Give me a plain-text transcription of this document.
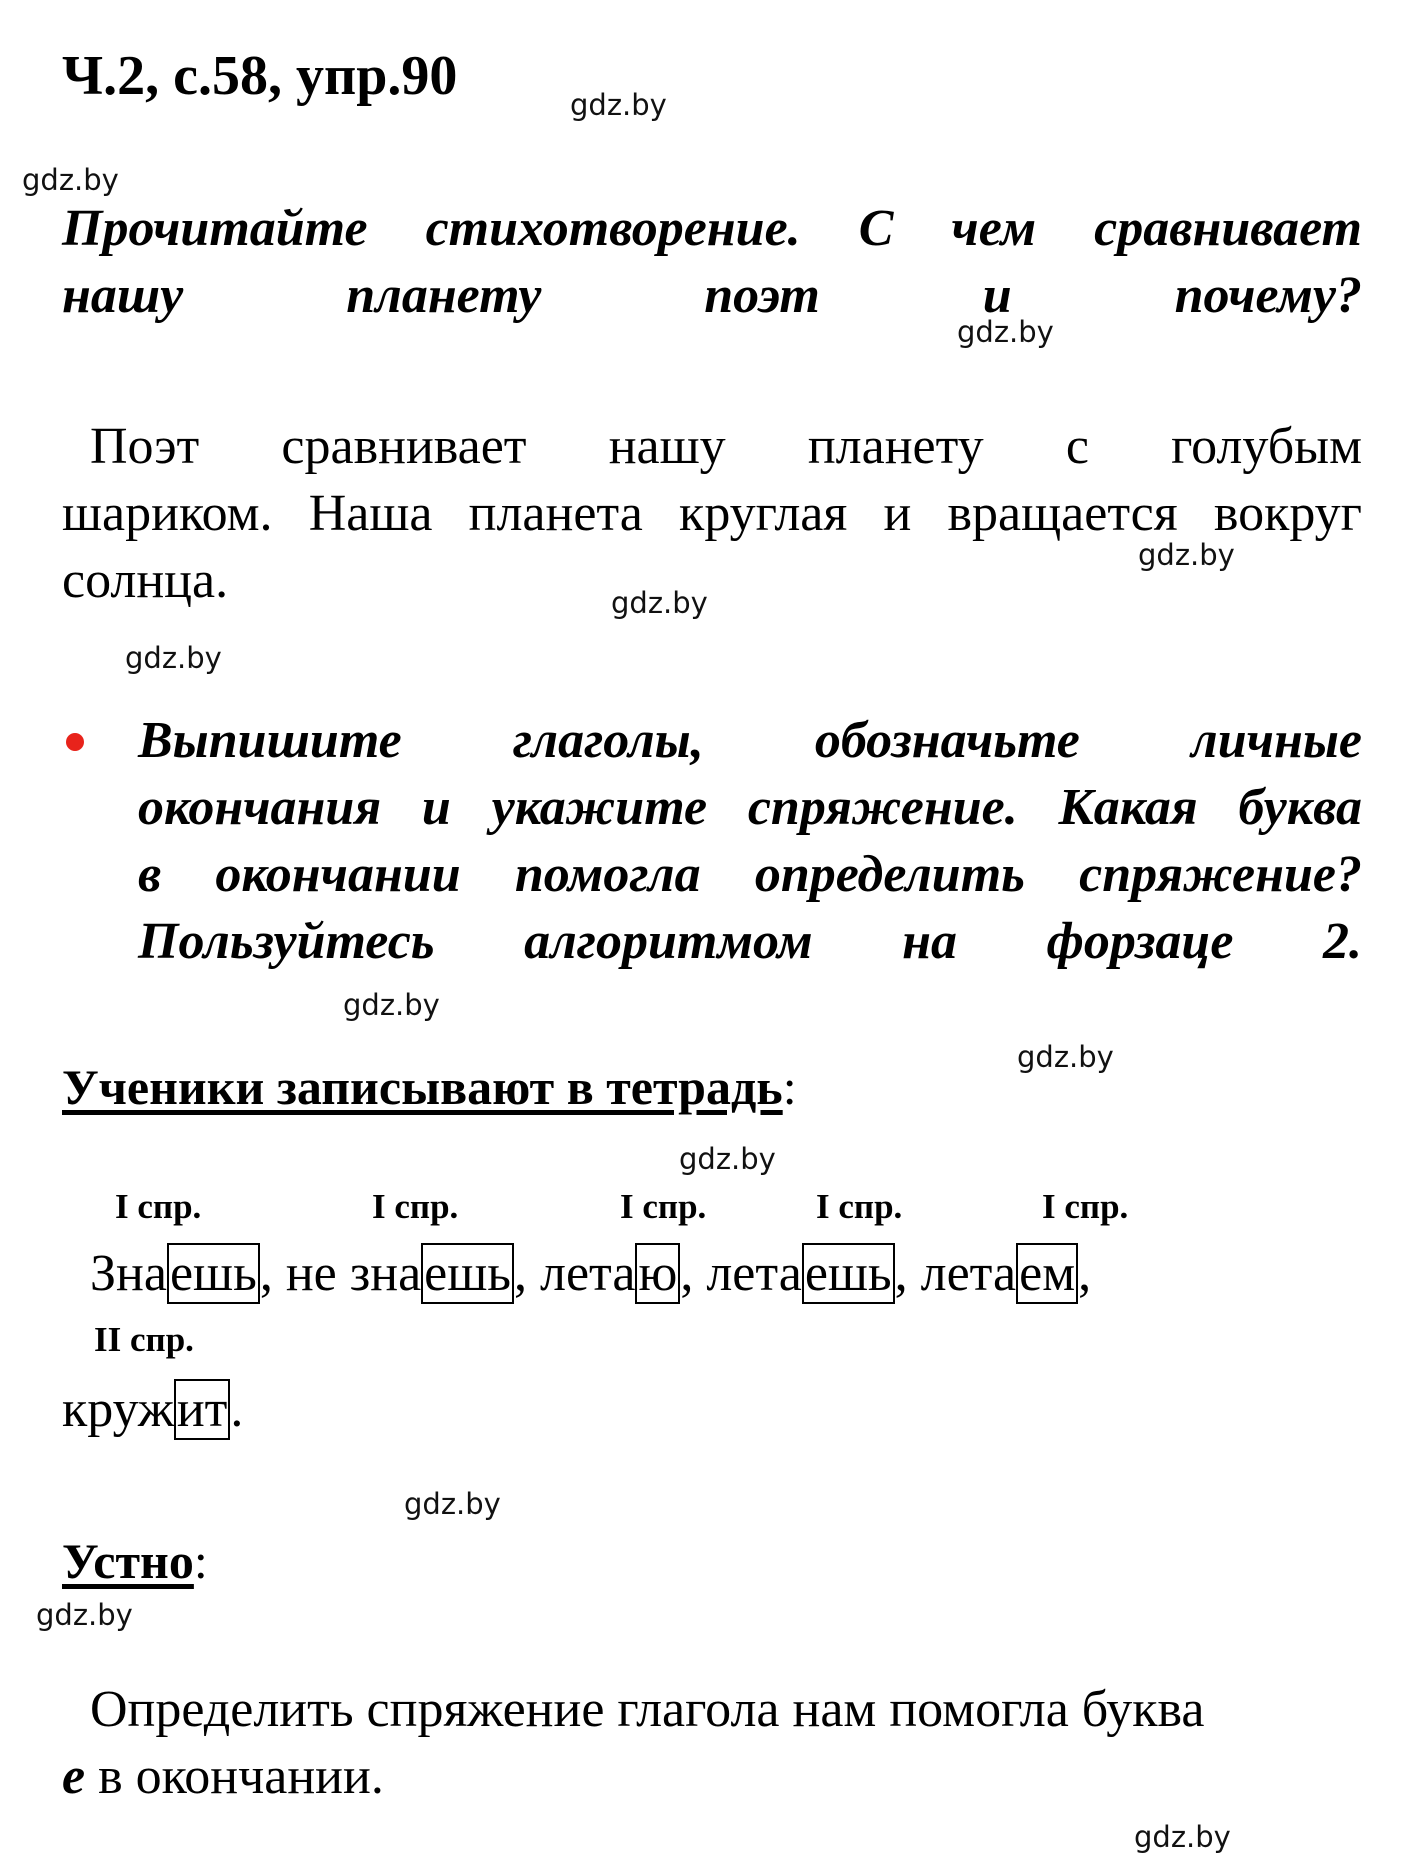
Ч.2, с.58, упр.90
Прочитайте стихотворение. С чем сравнивает
нашу планету поэт и почему?
Поэт сравнивает нашу планету с голубым
шариком. Наша планета круглая и вращается вокруг
солнца.
Выпишите глаголы, обозначьте личные
окончания и укажите спряжение. Какая буква
в окончании помогла определить спряжение?
Пользуйтесь алгоритмом на форзаце 2.
Ученики записывают в тетрадь:
I спр.	I спр.	I спр.	I спр.	I спр.
Знаешь, не знаешь, летаю, летаешь, летаем,
II спр.
кружит.
Устно:
Определить спряжение глагола нам помогла буква
е в окончании.
gdz.by
gdz.by
gdz.by
gdz.by
gdz.by
gdz.by
gdz.by
gdz.by
gdz.by
gdz.by
gdz.by
gdz.by
